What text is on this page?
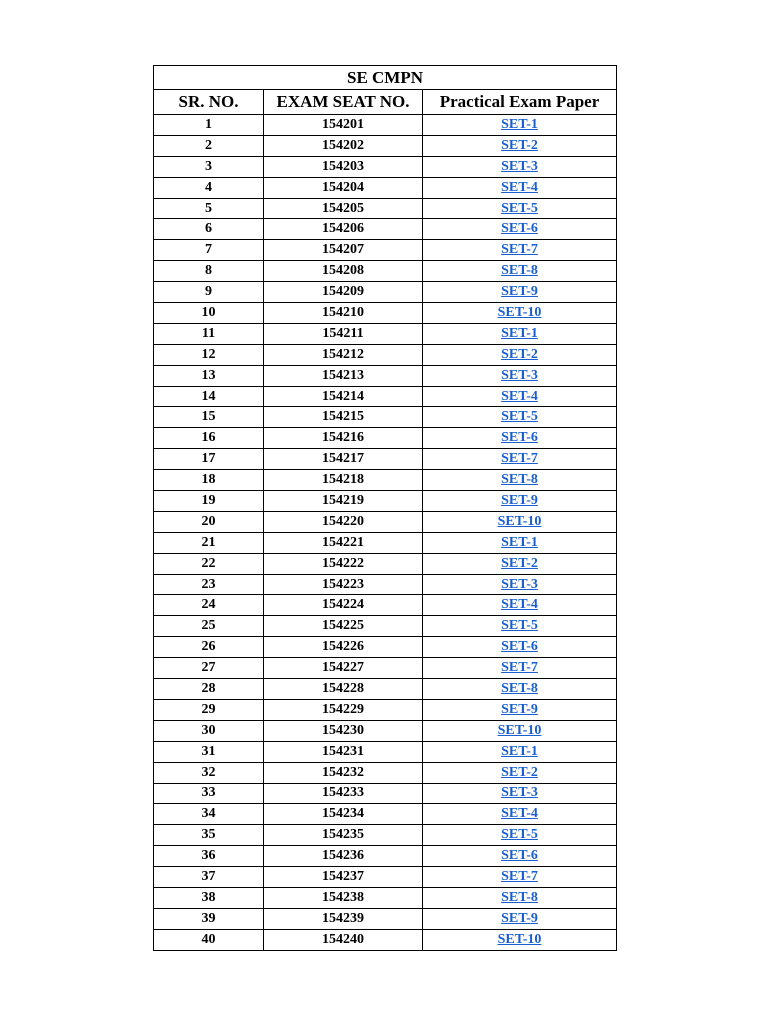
SE CMPN		
SR. NO.	EXAM SEAT NO.	Practical Exam Paper
1	154201	SET-1
2	154202	SET-2
3	154203	SET-3
4	154204	SET-4
5	154205	SET-5
6	154206	SET-6
7	154207	SET-7
8	154208	SET-8
9	154209	SET-9
10	154210	SET-10
11	154211	SET-1
12	154212	SET-2
13	154213	SET-3
14	154214	SET-4
15	154215	SET-5
16	154216	SET-6
17	154217	SET-7
18	154218	SET-8
19	154219	SET-9
20	154220	SET-10
21	154221	SET-1
22	154222	SET-2
23	154223	SET-3
24	154224	SET-4
25	154225	SET-5
26	154226	SET-6
27	154227	SET-7
28	154228	SET-8
29	154229	SET-9
30	154230	SET-10
31	154231	SET-1
32	154232	SET-2
33	154233	SET-3
34	154234	SET-4
35	154235	SET-5
36	154236	SET-6
37	154237	SET-7
38	154238	SET-8
39	154239	SET-9
40	154240	SET-10
